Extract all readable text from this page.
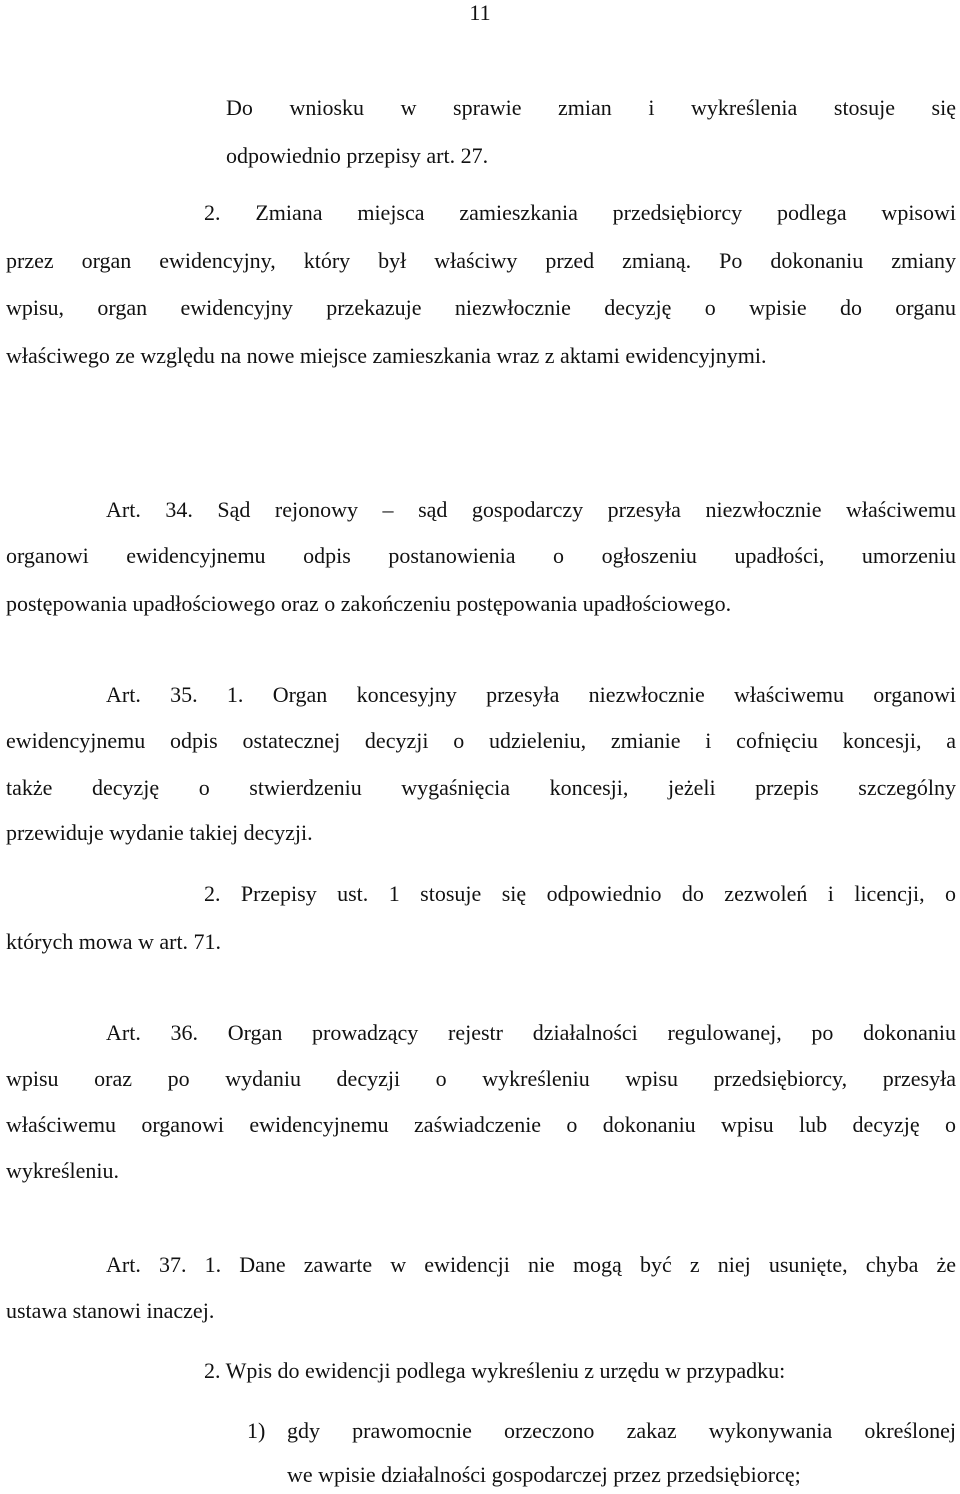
11
Do wniosku w sprawie zmian i wykreślenia stosuje się
odpowiednio przepisy art. 27.
2. Zmiana miejsca zamieszkania przedsiębiorcy podlega wpisowi
przez organ ewidencyjny, który był właściwy przed zmianą. Po dokonaniu zmiany
wpisu, organ ewidencyjny przekazuje niezwłocznie decyzję o wpisie do organu
właściwego ze względu na nowe miejsce zamieszkania wraz z aktami ewidencyjnymi.
Art. 34. Sąd rejonowy – sąd gospodarczy przesyła niezwłocznie właściwemu
organowi ewidencyjnemu odpis postanowienia o ogłoszeniu upadłości, umorzeniu
postępowania upadłościowego oraz o zakończeniu postępowania upadłościowego.
Art. 35. 1. Organ koncesyjny przesyła niezwłocznie właściwemu organowi
ewidencyjnemu odpis ostatecznej decyzji o udzieleniu, zmianie i cofnięciu koncesji, a
także decyzję o stwierdzeniu wygaśnięcia koncesji, jeżeli przepis szczególny
przewiduje wydanie takiej decyzji.
2. Przepisy ust. 1 stosuje się odpowiednio do zezwoleń i licencji, o
których mowa w art. 71.
Art. 36. Organ prowadzący rejestr działalności regulowanej, po dokonaniu
wpisu oraz po wydaniu decyzji o wykreśleniu wpisu przedsiębiorcy, przesyła
właściwemu organowi ewidencyjnemu zaświadczenie o dokonaniu wpisu lub decyzję o
wykreśleniu.
Art. 37. 1. Dane zawarte w ewidencji nie mogą być z niej usunięte, chyba że
ustawa stanowi inaczej.
2. Wpis do ewidencji podlega wykreśleniu z urzędu w przypadku:
1) gdy prawomocnie orzeczono zakaz wykonywania określonej
we wpisie działalności gospodarczej przez przedsiębiorcę;
